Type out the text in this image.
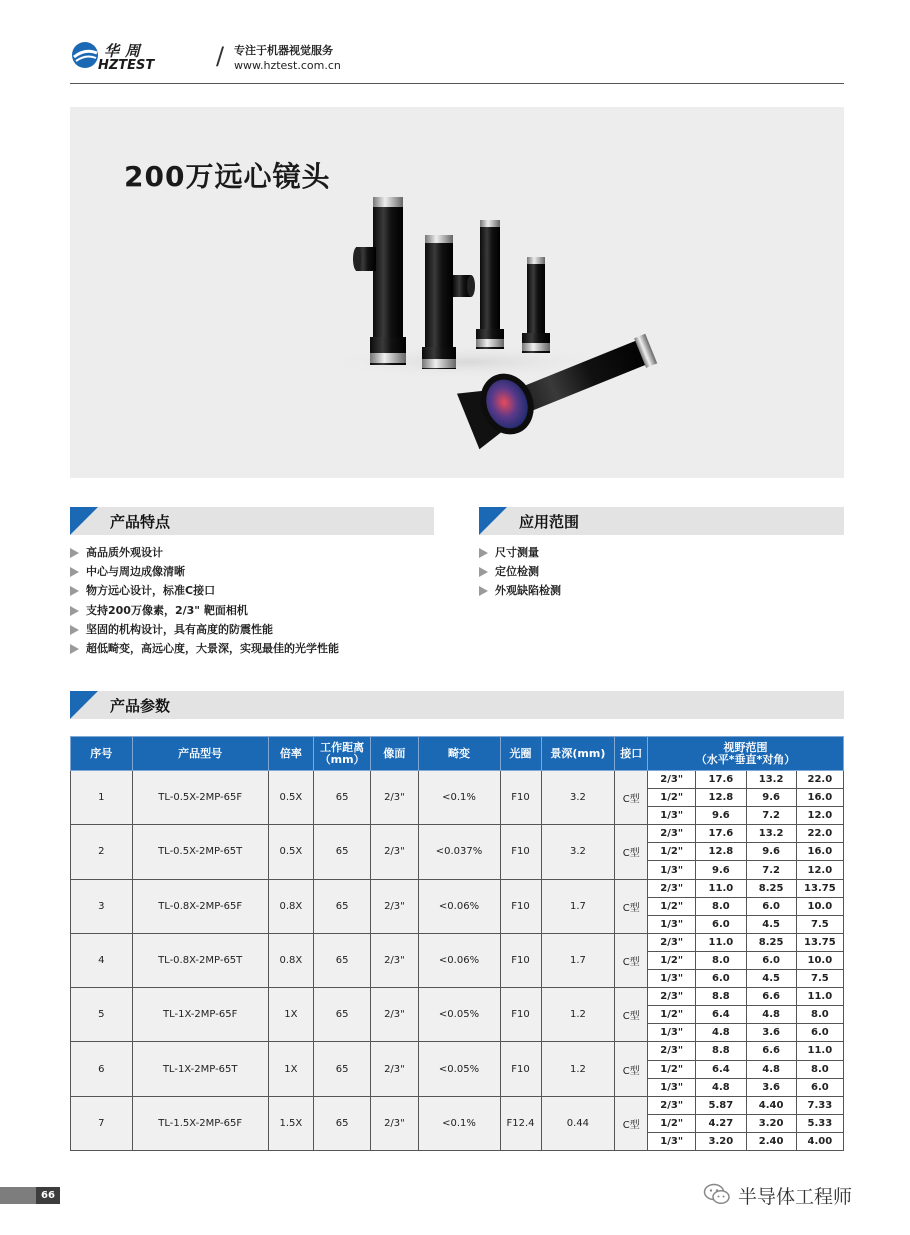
华周
HZTEST	/ 专注于机器视觉服务
www.hztest.com.cn
200万远心镜头
产品特点
高品质外观设计
中心与周边成像清晰
物方远心设计，标准C接口
支持200万像素，2/3" 靶面相机
坚固的机构设计，具有高度的防震性能
超低畸变，高远心度，大景深，实现最佳的光学性能
应用范围
尺寸测量
定位检测
外观缺陷检测
产品参数
序号	产品型号	倍率	工作距离
（mm）	像面	畸变	光圈	景深(mm)	接口	视野范围
（水平*垂直*对角）			
1	TL-0.5X-2MP-65F	0.5X	65	2/3"	<0.1%	F10	3.2	C型	2/3"	17.6	13.2	22.0
									1/2"	12.8	9.6	16.0
									1/3"	9.6	7.2	12.0
2	TL-0.5X-2MP-65T	0.5X	65	2/3"	<0.037%	F10	3.2	C型	2/3"	17.6	13.2	22.0
									1/2"	12.8	9.6	16.0
									1/3"	9.6	7.2	12.0
3	TL-0.8X-2MP-65F	0.8X	65	2/3"	<0.06%	F10	1.7	C型	2/3"	11.0	8.25	13.75
									1/2"	8.0	6.0	10.0
									1/3"	6.0	4.5	7.5
4	TL-0.8X-2MP-65T	0.8X	65	2/3"	<0.06%	F10	1.7	C型	2/3"	11.0	8.25	13.75
									1/2"	8.0	6.0	10.0
									1/3"	6.0	4.5	7.5
5	TL-1X-2MP-65F	1X	65	2/3"	<0.05%	F10	1.2	C型	2/3"	8.8	6.6	11.0
									1/2"	6.4	4.8	8.0
									1/3"	4.8	3.6	6.0
6	TL-1X-2MP-65T	1X	65	2/3"	<0.05%	F10	1.2	C型	2/3"	8.8	6.6	11.0
									1/2"	6.4	4.8	8.0
									1/3"	4.8	3.6	6.0
7	TL-1.5X-2MP-65F	1.5X	65	2/3"	<0.1%	F12.4	0.44	C型	2/3"	5.87	4.40	7.33
									1/2"	4.27	3.20	5.33
									1/3"	3.20	2.40	4.00
66	半导体工程师
